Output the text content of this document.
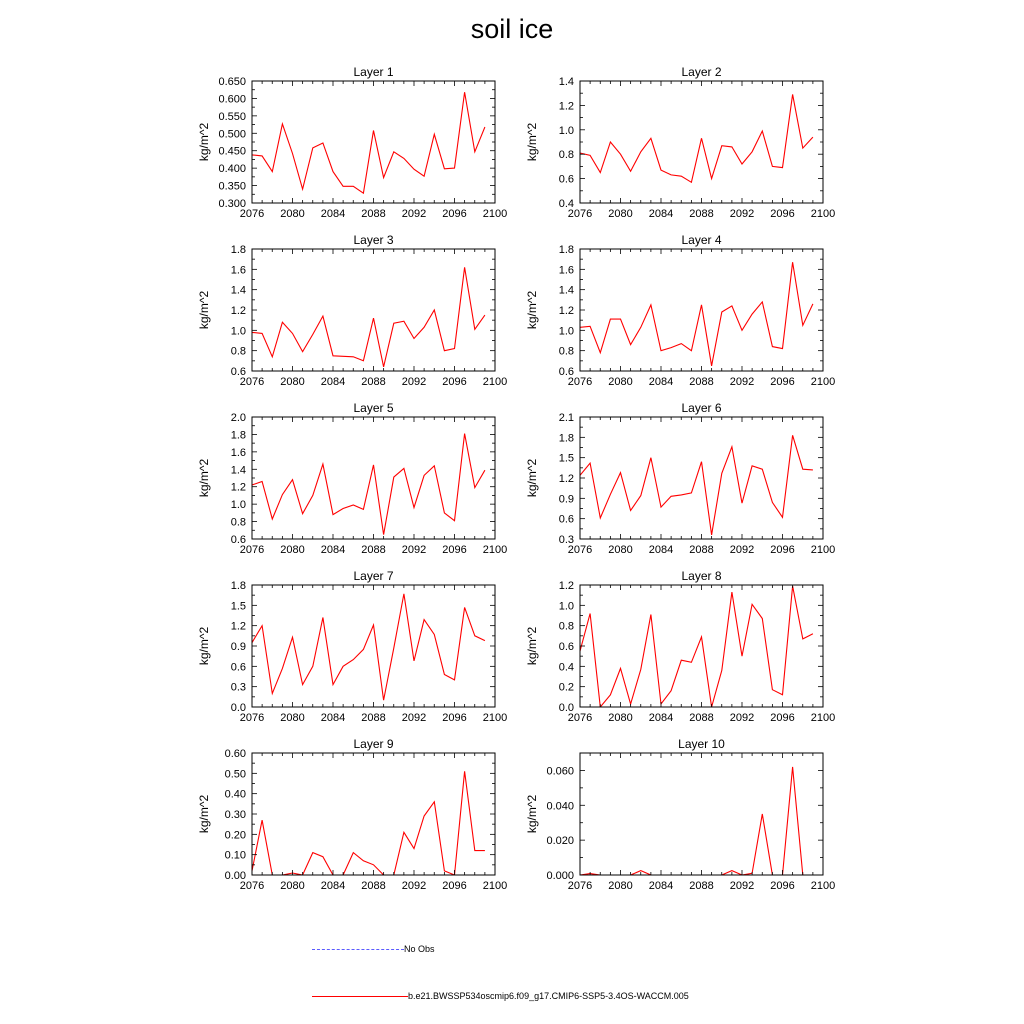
soil ice
Layer 1
kg/m^2
2076 2080 2084 2088 2092 2096 2100
0.300
0.350
0.400
0.450
0.500
0.550
0.600
0.650
Layer 2
kg/m^2
2076 2080 2084 2088 2092 2096 2100
0.4
0.6
0.8
1.0
1.2
1.4
Layer 3
kg/m^2
2076 2080 2084 2088 2092 2096 2100
0.6
0.8
1.0
1.2
1.4
1.6
1.8
Layer 4
kg/m^2
2076 2080 2084 2088 2092 2096 2100
0.6
0.8
1.0
1.2
1.4
1.6
1.8
Layer 5
kg/m^2
2076 2080 2084 2088 2092 2096 2100
0.6
0.8
1.0
1.2
1.4
1.6
1.8
2.0
Layer 6
kg/m^2
2076 2080 2084 2088 2092 2096 2100
0.3
0.6
0.9
1.2
1.5
1.8
2.1
Layer 7
kg/m^2
2076 2080 2084 2088 2092 2096 2100
0.0
0.3
0.6
0.9
1.2
1.5
1.8
Layer 8
kg/m^2
2076 2080 2084 2088 2092 2096 2100
0.0
0.2
0.4
0.6
0.8
1.0
1.2
Layer 9
kg/m^2
2076 2080 2084 2088 2092 2096 2100
0.00
0.10
0.20
0.30
0.40
0.50
0.60
Layer 10
kg/m^2
2076 2080 2084 2088 2092 2096 2100
0.000
0.020
0.040
0.060
No Obs
b.e21.BWSSP534oscmip6.f09_g17.CMIP6-SSP5-3.4OS-WACCM.005
